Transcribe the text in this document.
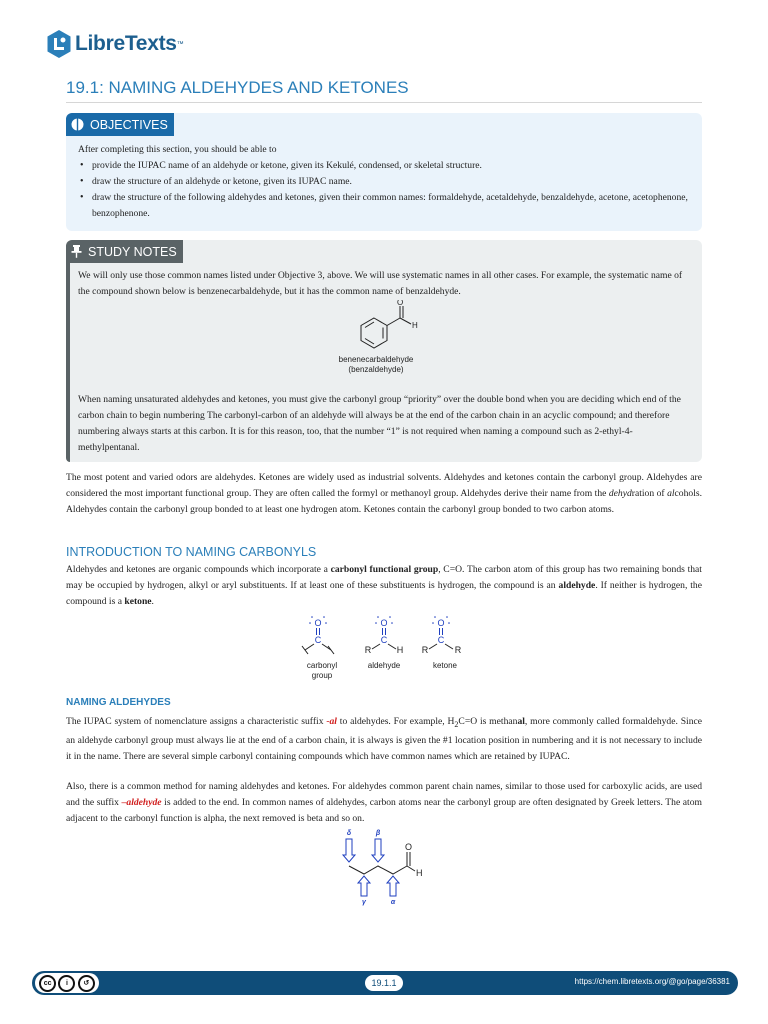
LibreTexts ™
19.1: NAMING ALDEHYDES AND KETONES
OBJECTIVES
After completing this section, you should be able to
• provide the IUPAC name of an aldehyde or ketone, given its Kekulé, condensed, or skeletal structure.
• draw the structure of an aldehyde or ketone, given its IUPAC name.
• draw the structure of the following aldehydes and ketones, given their common names: formaldehyde, acetaldehyde, benzaldehyde, acetone, acetophenone, benzophenone.
STUDY NOTES
We will only use those common names listed under Objective 3, above. We will use systematic names in all other cases. For example, the systematic name of the compound shown below is benzenecarbaldehyde, but it has the common name of benzaldehyde.
O
H
benenecarbaldehyde
(benzaldehyde)
When naming unsaturated aldehydes and ketones, you must give the carbonyl group “priority” over the double bond when you are deciding which end of the carbon chain to begin numbering The carbonyl-carbon of an aldehyde will always be at the end of the carbon chain in an acyclic compound; and therefore numbering always starts at this carbon. It is for this reason, too, that the number “1” is not required when naming a compound such as 2-ethyl-4-methylpentanal.
The most potent and varied odors are aldehydes. Ketones are widely used as industrial solvents. Aldehydes and ketones contain the carbonyl group. Aldehydes are considered the most important functional group. They are often called the formyl or methanoyl group. Aldehydes derive their name from the dehydration of alcohols. Aldehydes contain the carbonyl group bonded to at least one hydrogen atom. Ketones contain the carbonyl group bonded to two carbon atoms.
INTRODUCTION TO NAMING CARBONYLS
Aldehydes and ketones are organic compounds which incorporate a carbonyl functional group, C=O. The carbon atom of this group has two remaining bonds that may be occupied by hydrogen, alkyl or aryl substituents. If at least one of these substituents is hydrogen, the compound is an aldehyde. If neither is hydrogen, the compound is a ketone.
O
C
O
C
O
C
R	H R	R
carbonyl
group
aldehyde	ketone
NAMING ALDEHYDES
The IUPAC system of nomenclature assigns a characteristic suffix -al to aldehydes. For example, $H_2C=O$ is methanal, more commonly called formaldehyde. Since an aldehyde carbonyl group must always lie at the end of a carbon chain, it is always is given the #1 location position in numbering and it is not necessary to include it in the name. There are several simple carbonyl containing compounds which have common names which are retained by IUPAC.
Also, there is a common method for naming aldehydes and ketones. For aldehydes common parent chain names, similar to those used for carboxylic acids, are used and the suffix –aldehyde is added to the end. In common names of aldehydes, carbon atoms near the carbonyl group are often designated by Greek letters. The atom adjacent to the carbonyl function is alpha, the next removed is beta and so on.
δ	β
γ	α
O
H
cc	i	↺	19.1.1	https://chem.libretexts.org/@go/page/36381
